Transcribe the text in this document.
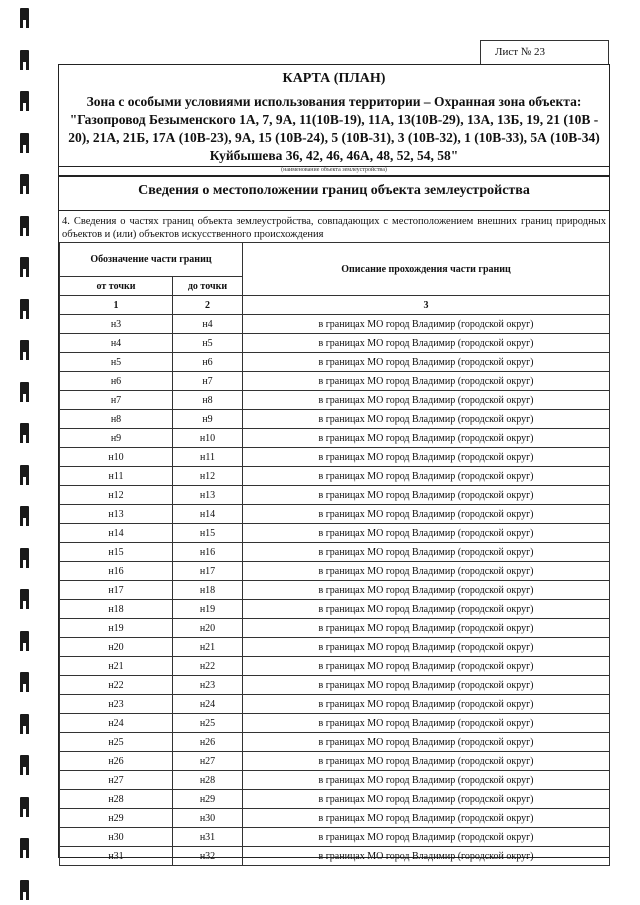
Лист № 23
КАРТА (ПЛАН)
Зона с особыми условиями использования территории – Охранная зона объекта: "Газопровод Безыменского 1А, 7, 9А, 11(10В-19), 11А, 13(10В-29), 13А, 13Б, 19, 21 (10В - 20), 21А, 21Б, 17А (10В-23), 9А, 15 (10В-24), 5 (10В-31), 3 (10В-32), 1 (10В-33), 5А (10В-34) Куйбышева 36, 42, 46, 46А, 48, 52, 54, 58"
(наименование объекта землеустройства)
Сведения о местоположении границ объекта землеустройства
4. Сведения о частях границ объекта землеустройства, совпадающих с местоположением внешних границ природных объектов и (или) объектов искусственного происхождения
Обозначение части границ		Описание прохождения части границ
от точки	до точки	
1	2	3
н3	н4	в границах МО город Владимир (городской округ)
н4	н5	в границах МО город Владимир (городской округ)
н5	н6	в границах МО город Владимир (городской округ)
н6	н7	в границах МО город Владимир (городской округ)
н7	н8	в границах МО город Владимир (городской округ)
н8	н9	в границах МО город Владимир (городской округ)
н9	н10	в границах МО город Владимир (городской округ)
н10	н11	в границах МО город Владимир (городской округ)
н11	н12	в границах МО город Владимир (городской округ)
н12	н13	в границах МО город Владимир (городской округ)
н13	н14	в границах МО город Владимир (городской округ)
н14	н15	в границах МО город Владимир (городской округ)
н15	н16	в границах МО город Владимир (городской округ)
н16	н17	в границах МО город Владимир (городской округ)
н17	н18	в границах МО город Владимир (городской округ)
н18	н19	в границах МО город Владимир (городской округ)
н19	н20	в границах МО город Владимир (городской округ)
н20	н21	в границах МО город Владимир (городской округ)
н21	н22	в границах МО город Владимир (городской округ)
н22	н23	в границах МО город Владимир (городской округ)
н23	н24	в границах МО город Владимир (городской округ)
н24	н25	в границах МО город Владимир (городской округ)
н25	н26	в границах МО город Владимир (городской округ)
н26	н27	в границах МО город Владимир (городской округ)
н27	н28	в границах МО город Владимир (городской округ)
н28	н29	в границах МО город Владимир (городской округ)
н29	н30	в границах МО город Владимир (городской округ)
н30	н31	в границах МО город Владимир (городской округ)
н31	н32	в границах МО город Владимир (городской округ)
